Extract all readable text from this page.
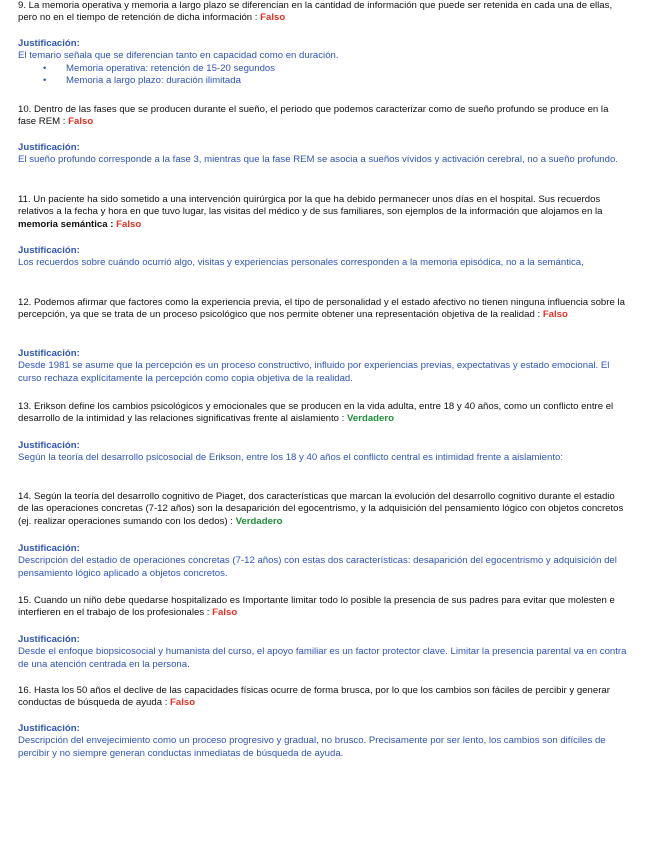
9. La memoria operativa y memoria a largo plazo se diferencian en la cantidad de información que puede ser retenida en cada una de ellas, pero no en el tiempo de retención de dicha información : Falso
Justificación:
El temario señala que se diferencian tanto en capacidad como en duración.
• Memoria operativa: retención de 15-20 segundos
• Memoria a largo plazo: duración ilimitada
10. Dentro de las fases que se producen durante el sueño, el periodo que podemos caracterizar como de sueño profundo se produce en la fase REM : Falso
Justificación:
El sueño profundo corresponde a la fase 3, mientras que la fase REM se asocia a sueños vívidos y activación cerebral, no a sueño profundo.
11. Un paciente ha sido sometido a una intervención quirúrgica por la que ha debido permanecer unos días en el hospital. Sus recuerdos relativos a la fecha y hora en que tuvo lugar, las visitas del médico y de sus familiares, son ejemplos de la información que alojamos en la memoria semántica : Falso
Justificación:
Los recuerdos sobre cuándo ocurrió algo, visitas y experiencias personales corresponden a la memoria episódica, no a la semántica,
12. Podemos afirmar que factores como la experiencia previa, el tipo de personalidad y el estado afectivo no tienen ninguna influencia sobre la percepción, ya que se trata de un proceso psicológico que nos permite obtener una representación objetiva de la realidad : Falso
Justificación:
Desde 1981 se asume que la percepción es un proceso constructivo, influido por experiencias previas, expectativas y estado emocional. El curso rechaza explícitamente la percepción como copia objetiva de la realidad.
13. Erikson define los cambios psicológicos y emocionales que se producen en la vida adulta, entre 18 y 40 años, como un conflicto entre el desarrollo de la intimidad y las relaciones significativas frente al aislamiento : Verdadero
Justificación:
Según la teoría del desarrollo psicosocial de Erikson, entre los 18 y 40 años el conflicto central es intimidad frente a aislamiento:
14. Según la teoría del desarrollo cognitivo de Piaget, dos características que marcan la evolución del desarrollo cognitivo durante el estadio de las operaciones concretas (7-12 años) son la desaparición del egocentrismo, y la adquisición del pensamiento lógico con objetos concretos (ej. realizar operaciones sumando con los dedos) : Verdadero
Justificación:
Descripción del estadio de operaciones concretas (7-12 años) con estas dos características: desaparición del egocentrismo y adquisición del pensamiento lógico aplicado a objetos concretos.
15. Cuando un niño debe quedarse hospitalizado es Importante limitar todo lo posible la presencia de sus padres para evitar que molesten e interfieren en el trabajo de los profesionales : Falso
Justificación:
Desde el enfoque biopsicosocial y humanista del curso, el apoyo familiar es un factor protector clave. Limitar la presencia parental va en contra de una atención centrada en la persona.
16. Hasta los 50 años el declive de las capacidades físicas ocurre de forma brusca, por lo que los cambios son fáciles de percibir y generar conductas de búsqueda de ayuda : Falso
Justificación:
Descripción del envejecimiento como un proceso progresivo y gradual, no brusco. Precisamente por ser lento, los cambios son difíciles de percibir y no siempre generan conductas inmediatas de búsqueda de ayuda.
